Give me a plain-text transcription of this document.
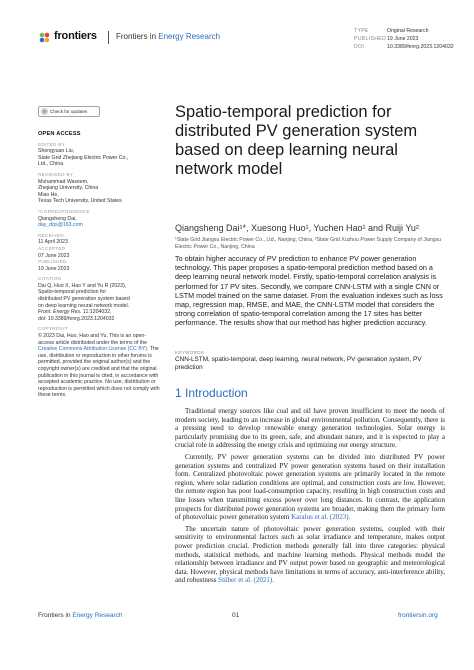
frontiers Frontiers in Energy Research
TYPE	Original Research
PUBLISHED 19 June 2023
DOI	10.3389/fenrg.2023.1204032
⟳ Check for updates
OPEN ACCESS
EDITED BY
Shengyuan Liu,
State Grid Zhejiang Electric Power Co.,
Ltd., China
REVIEWED BY
Muhammad Waseem,
Zhejiang University, China
Miao He,
Texas Tech University, United States
*CORRESPONDENCE
Qiangsheng Dai,
day_dqs@163.com
RECEIVED
11 April 2023
ACCEPTED
07 June 2023
PUBLISHED
19 June 2023
CITATION
Dai Q, Huo X, Hao Y and Yu R (2023),
Spatio-temporal prediction for
distributed PV generation system based
on deep learning neural network model.
Front. Energy Res. 11:1204032.
doi: 10.3389/fenrg.2023.1204032
COPYRIGHT
© 2023 Dai, Huo, Hao and Yu. This is an open-access article distributed under the terms of the Creative Commons Attribution License (CC BY). The use, distribution or reproduction in other forums is permitted, provided the original author(s) and the copyright owner(s) are credited and that the original publication in this journal is cited, in accordance with accepted academic practice. No use, distribution or reproduction is permitted which does not comply with these terms.
Spatio-temporal prediction for distributed PV generation system based on deep learning neural network model
Qiangsheng Dai¹*, Xuesong Huo¹, Yuchen Hao¹ and Ruiji Yu²
¹State Grid Jiangsu Electric Power Co., Ltd., Nanjing, China, ²State Grid Xuzhou Power Supply Company of Jiangsu Electric Power Co., Nanjing, China
To obtain higher accuracy of PV prediction to enhance PV power generation technology. This paper proposes a spatio-temporal prediction method based on a deep learning neural network model. Firstly, spatio-temporal correlation analysis is performed for 17 PV sites. Secondly, we compare CNN-LSTM with a single CNN or LSTM model trained on the same dataset. From the evaluation indexes such as loss map, regression map, RMSE, and MAE, the CNN-LSTM model that considers the strong correlation of spatio-temporal correlation among the 17 sites has better performance. The results show that our method has higher prediction accuracy.
KEYWORDS
CNN-LSTM, spatio-temporal, deep learning, neural network, PV generation system, PV prediction
1 Introduction

Traditional energy sources like coal and oil have proven insufficient to meet the needs of modern society, leading to an increase in global environmental pollution. Consequently, there is a pressing need to develop renewable energy generation technologies. Solar energy is particularly promising due to its green, safe, and abundant nature, and it is expected to play a crucial role in addressing the energy crisis and optimizing our energy structure.

Currently, PV power generation systems can be divided into distributed PV power generation systems and centralized PV power generation systems based on their installation form. Centralized photovoltaic power generation systems are primarily located in the remote region, where solar radiation conditions are optimal, and construction costs are low. However, the remote region has poor load-consumption capacity, resulting in high construction costs and line losses when transmitting excess power over long distances. In contrast, the application prospects for distributed power generation systems are broader, making them the primary form of photovoltaic power generation system Karalus et al. (2023).

The uncertain nature of photovoltaic power generation systems, coupled with their sensitivity to environmental factors such as solar irradiance and temperature, makes output power prediction crucial. Prediction methods generally fall into three categories: physical methods, statistical methods, and machine learning methods. Physical methods model the relationship between irradiance and PV output power based on geographic and meteorological data. However, physical methods have limitations in terms of accuracy, anti-interference ability, and robustness Stüber et al. (2021).

Frontiers in Energy Research	01	frontiersin.org
